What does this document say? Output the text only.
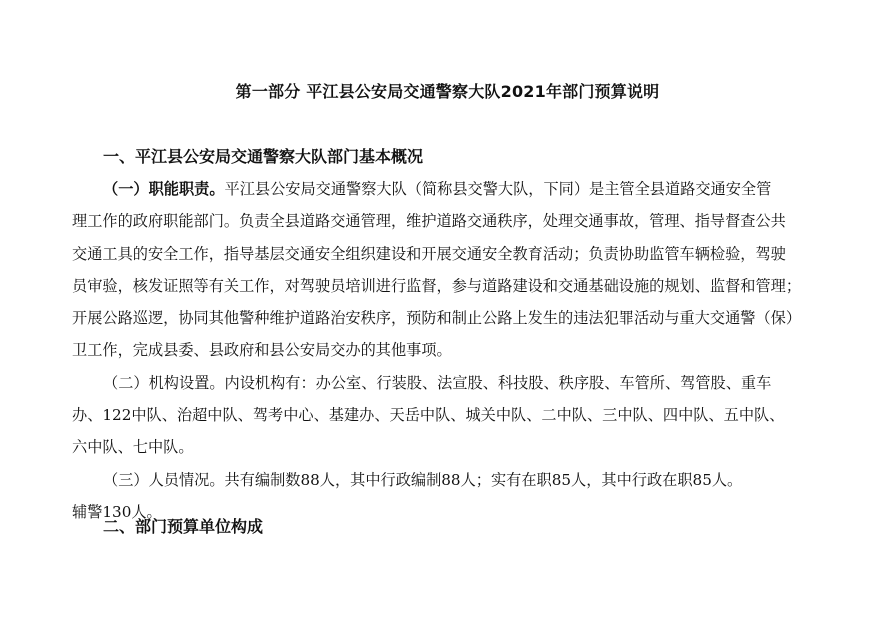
第一部分 平江县公安局交通警察大队2021年部门预算说明
一、平江县公安局交通警察大队部门基本概况
（一）职能职责。平江县公安局交通警察大队（简称县交警大队，下同）是主管全县道路交通安全管
理工作的政府职能部门。负责全县道路交通管理，维护道路交通秩序，处理交通事故，管理、指导督查公共
交通工具的安全工作，指导基层交通安全组织建设和开展交通安全教育活动；负责协助监管车辆检验，驾驶
员审验，核发证照等有关工作，对驾驶员培训进行监督，参与道路建设和交通基础设施的规划、监督和管理；
开展公路巡逻，协同其他警种维护道路治安秩序，预防和制止公路上发生的违法犯罪活动与重大交通警（保）
卫工作，完成县委、县政府和县公安局交办的其他事项。
（二）机构设置。内设机构有：办公室、行装股、法宣股、科技股、秩序股、车管所、驾管股、重车
办、122中队、治超中队、驾考中心、基建办、天岳中队、城关中队、二中队、三中队、四中队、五中队、
六中队、七中队。
（三）人员情况。共有编制数88人，其中行政编制88人；实有在职85人，其中行政在职85人。
辅警130人。
二、部门预算单位构成
